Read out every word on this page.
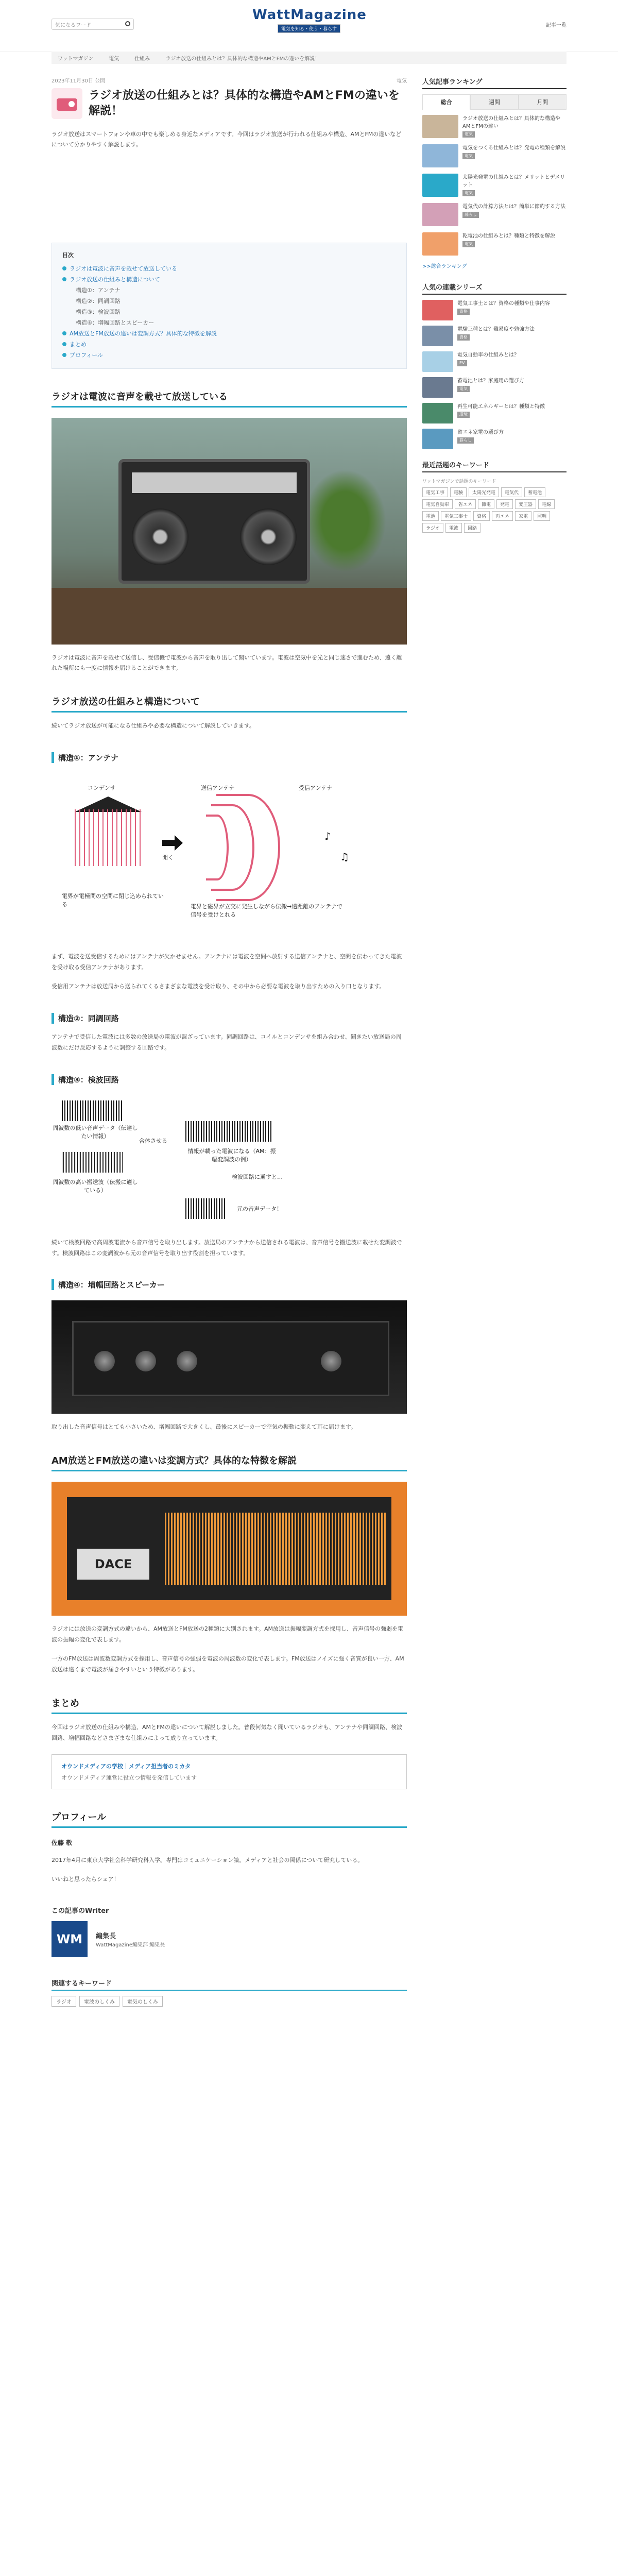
気になるワード
WattMagazine
電気を知る・使う・暮らす
記事一覧
ワットマガジン	電気	仕組み	ラジオ放送の仕組みとは？具体的な構造やAMとFMの違いを解説！
2023年11月30日 公開	電気
ラジオ放送の仕組みとは？具体的な構造やAMとFMの違いを解説！
ラジオ放送はスマートフォンや車の中でも楽しめる身近なメディアです。今回はラジオ放送が行われる仕組みや構造、AMとFMの違いなどについて分かりやすく解説します。
目次
ラジオは電波に音声を載せて放送している
ラジオ放送の仕組みと構造について
構造①：アンテナ
構造②：同調回路
構造③：検波回路
構造④：増幅回路とスピーカー
AM放送とFM放送の違いは変調方式？具体的な特徴を解説
まとめ
プロフィール
ラジオは電波に音声を載せて放送している
ラジオは電波に音声を載せて送信し、受信機で電波から音声を取り出して聞いています。電波は空気中を光と同じ速さで進むため、遠く離れた場所にも一度に情報を届けることができます。
ラジオ放送の仕組みと構造について
続いてラジオ放送が可能になる仕組みや必要な構造について解説していきます。
構造①：アンテナ
コンデンサ
開く
送信アンテナ	受信アンテナ
♪
♫
電界が電極間の空間に閉じ込められている	電界と磁界が立交に発生しながら伝搬→遠距離のアンテナで信号を受けとれる
まず、電波を送受信するためにはアンテナが欠かせません。アンテナには電波を空間へ放射する送信アンテナと、空間を伝わってきた電波を受け取る受信アンテナがあります。
受信用アンテナは放送局から送られてくるさまざまな電波を受け取り、その中から必要な電波を取り出すための入り口となります。
構造②：同調回路
アンテナで受信した電波には多数の放送局の電波が混ざっています。同調回路は、コイルとコンデンサを組み合わせ、聞きたい放送局の周波数にだけ反応するように調整する回路です。
構造③：検波回路
周波数の低い音声データ（伝達したい情報）
周波数の高い搬送波（伝搬に適している）
合体させる
情報が載った電波になる（AM：振幅変調波の例）
検波回路に通すと…
元の音声データ！
続いて検波回路で高周波電流から音声信号を取り出します。放送局のアンテナから送信される電波は、音声信号を搬送波に載せた変調波です。検波回路はこの変調波から元の音声信号を取り出す役割を担っています。
構造④：増幅回路とスピーカー
取り出した音声信号はとても小さいため、増幅回路で大きくし、最後にスピーカーで空気の振動に変えて耳に届けます。
AM放送とFM放送の違いは変調方式？具体的な特徴を解説
DACE
ラジオには放送の変調方式の違いから、AM放送とFM放送の2種類に大別されます。AM放送は振幅変調方式を採用し、音声信号の強弱を電波の振幅の変化で表します。
一方のFM放送は周波数変調方式を採用し、音声信号の強弱を電波の周波数の変化で表します。FM放送はノイズに強く音質が良い一方、AM放送は遠くまで電波が届きやすいという特徴があります。
まとめ
今回はラジオ放送の仕組みや構造、AMとFMの違いについて解説しました。普段何気なく聞いているラジオも、アンテナや同調回路、検波回路、増幅回路などさまざまな仕組みによって成り立っています。
オウンドメディアの学校｜メディア担当者のミカタ
オウンドメディア運営に役立つ情報を発信しています
プロフィール
佐藤 敬
2017年4月に東京大学社会科学研究科入学。専門はコミュニケーション論。メディアと社会の関係について研究している。
いいねと思ったらシェア！
この記事のWriter
WM	編集長
WattMagazine編集部 編集長
関連するキーワード
ラジオ	電波のしくみ	電気のしくみ
人気記事ランキング
総合	週間	月間
ラジオ放送の仕組みとは？具体的な構造やAMとFMの違い
電気
電気をつくる仕組みとは？発電の種類を解説
電気
太陽光発電の仕組みとは？メリットとデメリット
電気
電気代の計算方法とは？簡単に節約する方法
暮らし
乾電池の仕組みとは？種類と特徴を解説
電気
>>総合ランキング
人気の連載シリーズ
電気工事士とは？資格の種類や仕事内容
資格
電験三種とは？難易度や勉強方法
資格
電気自動車の仕組みとは？
EV
蓄電池とは？家庭用の選び方
電気
再生可能エネルギーとは？種類と特徴
環境
省エネ家電の選び方
暮らし
最近話題のキーワード
ワットマガジンで話題のキーワード
電気工事	電験	太陽光発電	電気代	蓄電池
電気自動車	省エネ	節電	発電	変圧器	電線
電池	電気工事士	資格	再エネ	家電	照明
ラジオ	電波	回路
